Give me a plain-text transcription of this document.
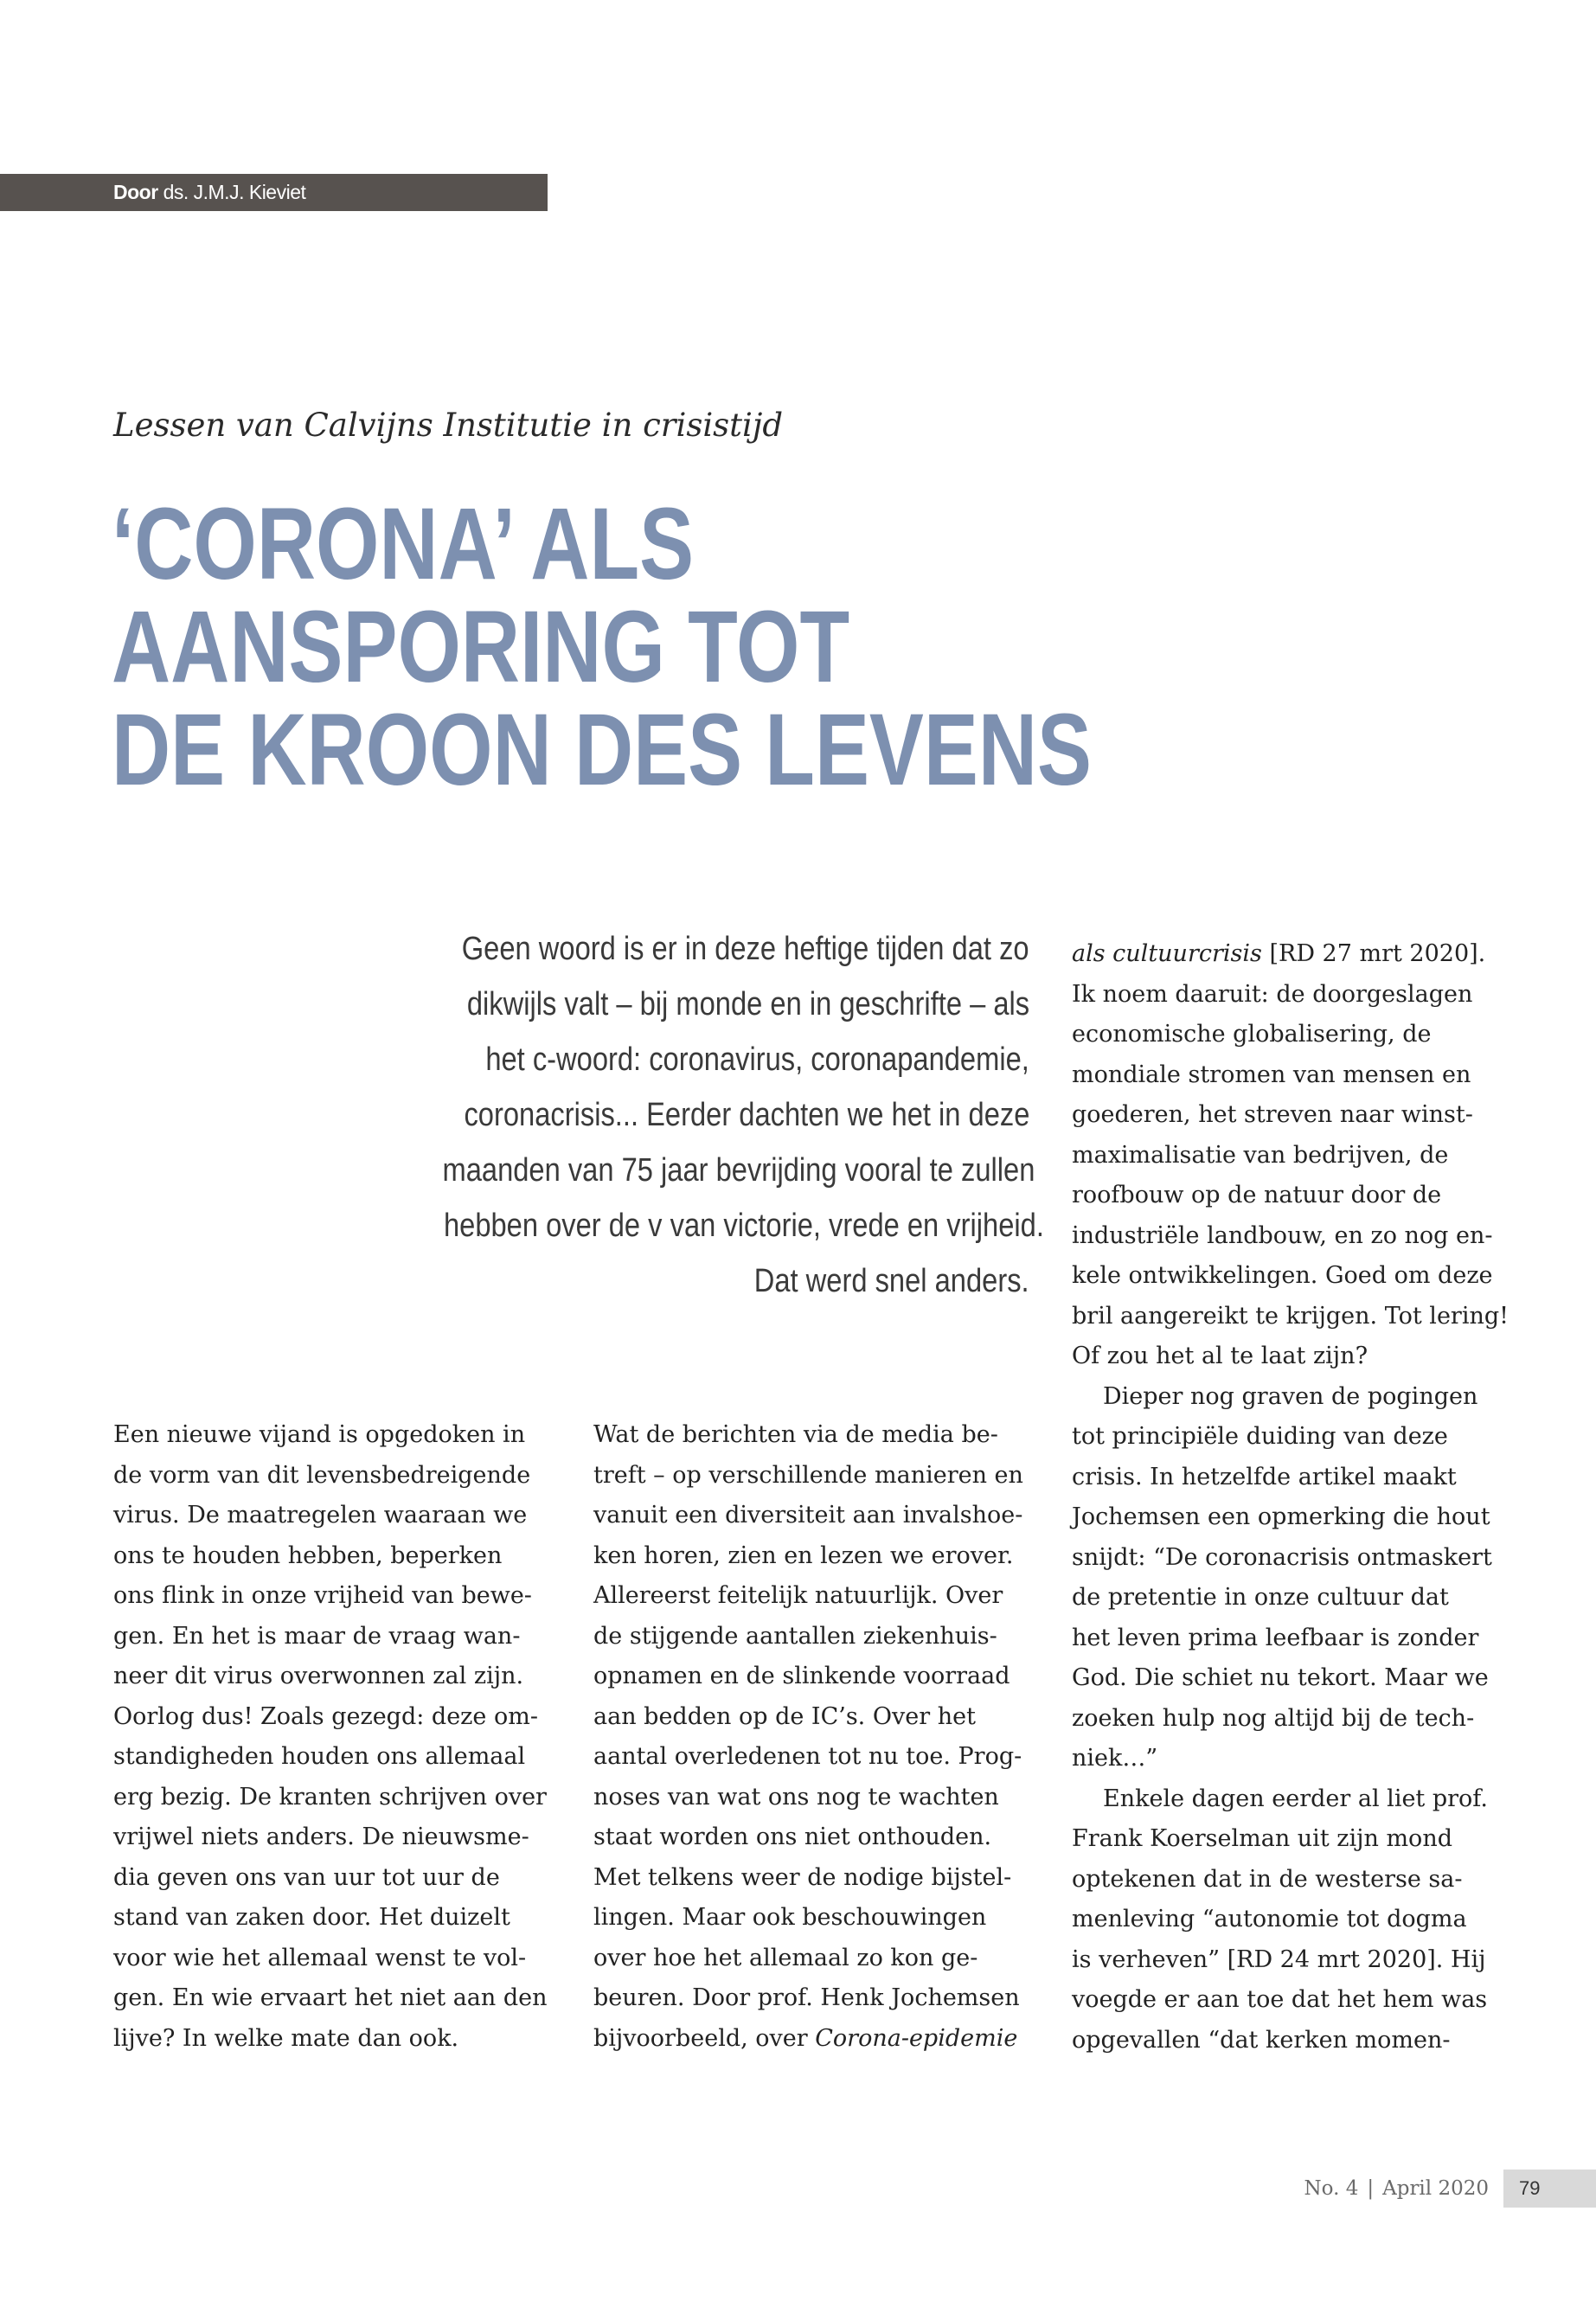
Door ds. J.M.J. Kieviet
Lessen van Calvijns Institutie in crisistijd
‘CORONA’ ALS
AANSPORING TOT
DE KROON DES LEVENS
Geen woord is er in deze heftige tijden dat zo
dikwijls valt – bij monde en in geschrifte – als
het c-woord: coronavirus, coronapandemie,
coronacrisis... Eerder dachten we het in deze
maanden van 75 jaar bevrijding vooral te zullen
hebben over de v van victorie, vrede en vrijheid.
Dat werd snel anders.
Een nieuwe vijand is opgedoken in
de vorm van dit levensbedreigende
virus. De maatregelen waaraan we
ons te houden hebben, beperken
ons flink in onze vrijheid van bewe-
gen. En het is maar de vraag wan-
neer dit virus overwonnen zal zijn.
Oorlog dus! Zoals gezegd: deze om-
standigheden houden ons allemaal
erg bezig. De kranten schrijven over
vrijwel niets anders. De nieuwsme-
dia geven ons van uur tot uur de
stand van zaken door. Het duizelt
voor wie het allemaal wenst te vol-
gen. En wie ervaart het niet aan den
lijve? In welke mate dan ook.
Wat de berichten via de media be-
treft – op verschillende manieren en
vanuit een diversiteit aan invalshoe-
ken horen, zien en lezen we erover.
Allereerst feitelijk natuurlijk. Over
de stijgende aantallen ziekenhuis-
opnamen en de slinkende voorraad
aan bedden op de IC’s. Over het
aantal overledenen tot nu toe. Prog-
noses van wat ons nog te wachten
staat worden ons niet onthouden.
Met telkens weer de nodige bijstel-
lingen. Maar ook beschouwingen
over hoe het allemaal zo kon ge-
beuren. Door prof. Henk Jochemsen
bijvoorbeeld, over Corona-epidemie
als cultuurcrisis [RD 27 mrt 2020].
Ik noem daaruit: de doorgeslagen
economische globalisering, de
mondiale stromen van mensen en
goederen, het streven naar winst-
maximalisatie van bedrijven, de
roofbouw op de natuur door de
industriële landbouw, en zo nog en-
kele ontwikkelingen. Goed om deze
bril aangereikt te krijgen. Tot lering!
Of zou het al te laat zijn?
Dieper nog graven de pogingen
tot principiële duiding van deze
crisis. In hetzelfde artikel maakt
Jochemsen een opmerking die hout
snijdt: “De coronacrisis ontmaskert
de pretentie in onze cultuur dat
het leven prima leefbaar is zonder
God. Die schiet nu tekort. Maar we
zoeken hulp nog altijd bij de tech-
niek…”
Enkele dagen eerder al liet prof.
Frank Koerselman uit zijn mond
optekenen dat in de westerse sa-
menleving “autonomie tot dogma
is verheven” [RD 24 mrt 2020]. Hij
voegde er aan toe dat het hem was
opgevallen “dat kerken momen-
No. 4 | April 2020	79
